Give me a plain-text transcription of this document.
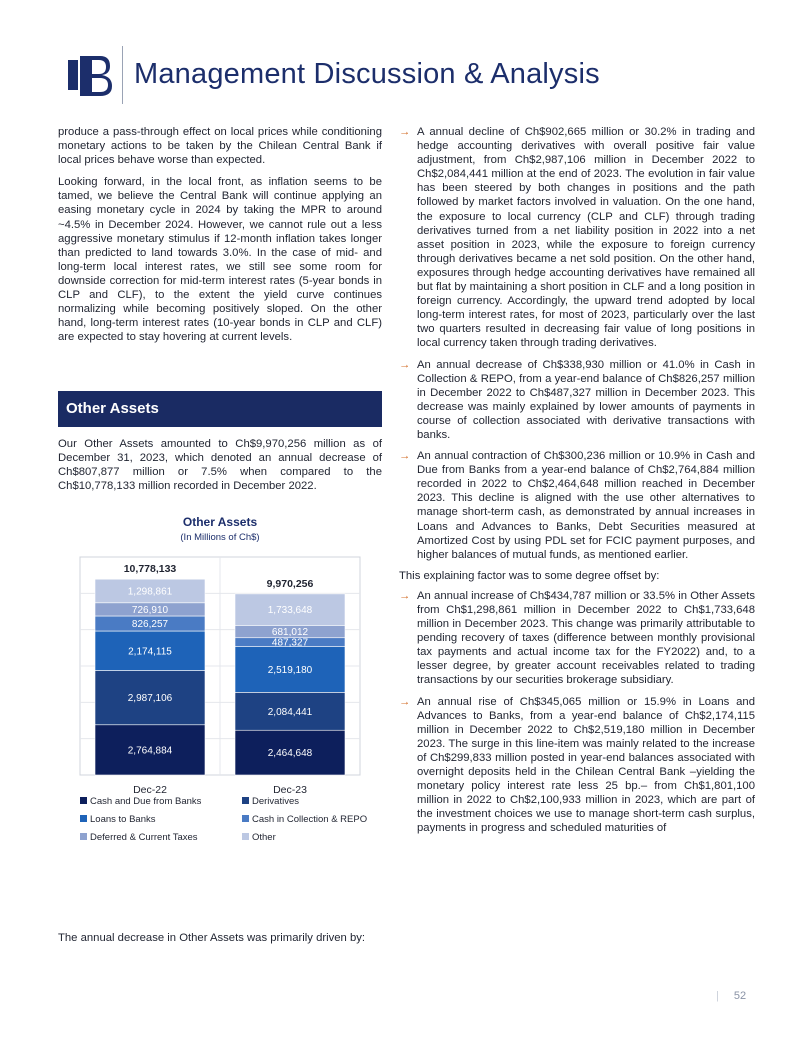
Management Discussion & Analysis

produce a pass-through effect on local prices while conditioning monetary actions to be taken by the Chilean Central Bank if local prices behave worse than expected.

Looking forward, in the local front, as inflation seems to be tamed, we believe the Central Bank will continue applying an easing monetary cycle in 2024 by taking the MPR to around ~4.5% in December 2024. However, we cannot rule out a less aggressive monetary stimulus if 12-month inflation takes longer than predicted to land towards 3.0%. In the case of mid- and long-term local interest rates, we still see some room for downside correction for mid-term interest rates (5-year bonds in CLP and CLF), to the extent the yield curve continues normalizing while becoming positively sloped. On the other hand, long-term interest rates (10-year bonds in CLP and CLF) are expected to stay hovering at current levels.

Other Assets

Our Other Assets amounted to Ch$9,970,256 million as of December 31, 2023, which denoted an annual decrease of Ch$807,877 million or 7.5% when compared to the Ch$10,778,133 million recorded in December 2022.

Other Assets
(In Millions of Ch$)
2,764,884
2,987,106
2,174,115
826,257
726,910
1,298,861
10,778,133
Dec-22
2,464,648
2,084,441
2,519,180
487,327
681,012
1,733,648
9,970,256
Dec-23
Cash and Due from Banks	Derivatives
Loans to Banks	Cash in Collection & REPO
Deferred & Current Taxes	Other
The annual decrease in Other Assets was primarily driven by:
→ A annual decline of Ch$902,665 million or 30.2% in trading and hedge accounting derivatives with overall positive fair value adjustment, from Ch$2,987,106 million in December 2022 to Ch$2,084,441 million at the end of 2023. The evolution in fair value has been steered by both changes in positions and the path followed by market factors involved in valuation. On the one hand, the exposure to local currency (CLP and CLF) through trading derivatives turned from a net liability position in 2022 into a net asset position in 2023, while the exposure to foreign currency through derivatives became a net sold position. On the other hand, exposures through hedge accounting derivatives have remained all but flat by maintaining a short position in CLF and a long position in foreign currency. Accordingly, the upward trend adopted by local long-term interest rates, for most of 2023, particularly over the last two quarters resulted in decreasing fair value of long positions in local currency taken through trading derivatives.

→ An annual decrease of Ch$338,930 million or 41.0% in Cash in Collection & REPO, from a year-end balance of Ch$826,257 million in December 2022 to Ch$487,327 million in December 2023. This decrease was mainly explained by lower amounts of payments in course of collection associated with derivative transactions with banks.

→ An annual contraction of Ch$300,236 million or 10.9% in Cash and Due from Banks from a year-end balance of Ch$2,764,884 million recorded in 2022 to Ch$2,464,648 million reached in December 2023. This decline is aligned with the use other alternatives to manage short-term cash, as demonstrated by annual increases in Loans and Advances to Banks, Debt Securities measured at Amortized Cost by using PDL set for FCIC payment purposes, and higher balances of mutual funds, as mentioned earlier.

This explaining factor was to some degree offset by:
→ An annual increase of Ch$434,787 million or 33.5% in Other Assets from Ch$1,298,861 million in December 2022 to Ch$1,733,648 million in December 2023. This change was primarily attributable to pending recovery of taxes (difference between monthly provisional tax payments and actual income tax for the FY2022) and, to a lesser degree, by greater account receivables related to trading transactions by our securities brokerage subsidiary.

→ An annual rise of Ch$345,065 million or 15.9% in Loans and Advances to Banks, from a year-end balance of Ch$2,174,115 million in December 2022 to Ch$2,519,180 million in December 2023. The surge in this line-item was mainly related to the increase of Ch$299,833 million posted in year-end balances associated with overnight deposits held in the Chilean Central Bank –yielding the monetary policy interest rate less 25 bp.– from Ch$1,801,100 million in 2022 to Ch$2,100,933 million in 2023, which are part of the investment choices we use to manage short-term cash surplus, payments in progress and scheduled maturities of

| 52
